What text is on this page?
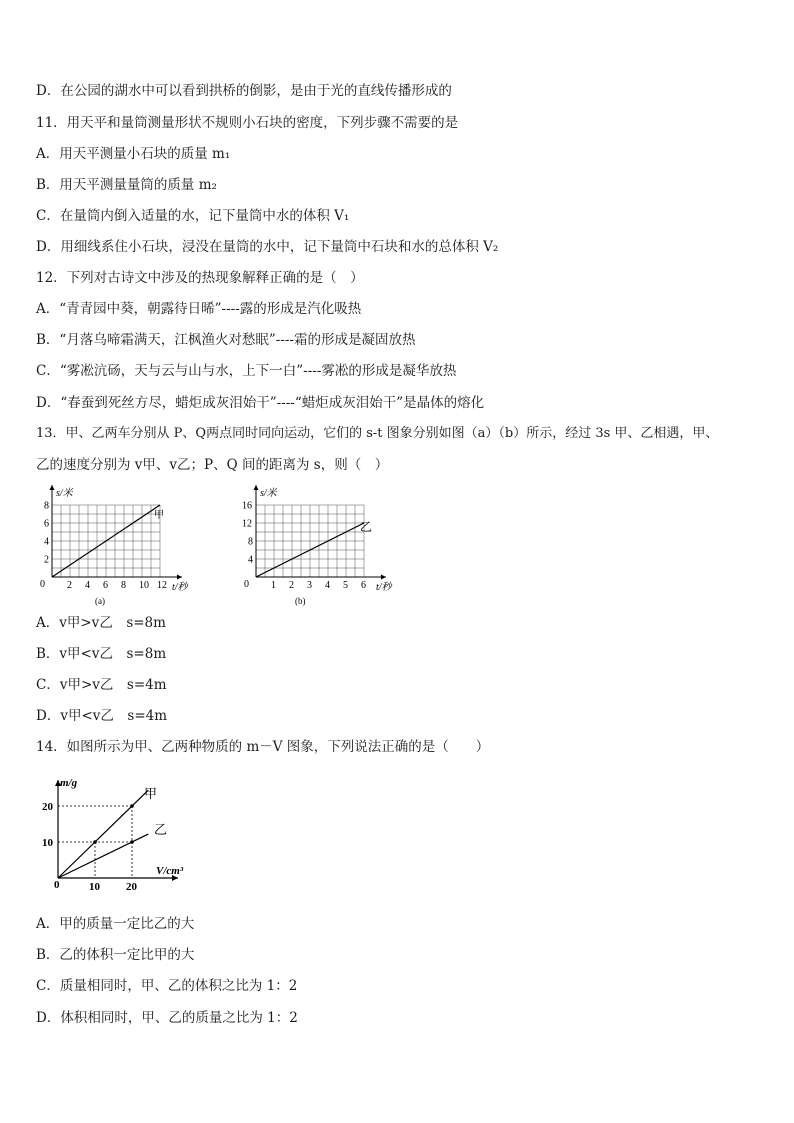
D．在公园的湖水中可以看到拱桥的倒影，是由于光的直线传播形成的
11．用天平和量筒测量形状不规则小石块的密度，下列步骤不需要的是
A．用天平测量小石块的质量 m₁
B．用天平测量量筒的质量 m₂
C．在量筒内倒入适量的水，记下量筒中水的体积 V₁
D．用细线系住小石块，浸没在量筒的水中，记下量筒中石块和水的总体积 V₂
12．下列对古诗文中涉及的热现象解释正确的是（　）
A．“青青园中葵，朝露待日晞”----露的形成是汽化吸热
B．“月落乌啼霜满天，江枫渔火对愁眠”----霜的形成是凝固放热
C．“雾凇沆砀，天与云与山与水，上下一白”----雾凇的形成是凝华放热
D．“春蚕到死丝方尽，蜡炬成灰泪始干”----“蜡炬成灰泪始干”是晶体的熔化
13．甲、乙两车分别从 P、Q两点同时同向运动，它们的 s-t 图象分别如图（a）（b）所示，经过 3s 甲、乙相遇，甲、
乙的速度分别为 v甲、v乙；P、Q 间的距离为 s，则（　）
2 4 6 8 10 12
2
4
6
8
s/米
t/秒
(a)
甲
0	1 2 3 4 5 6
4
8
12
16
s/米
t/秒
(b)
乙
0
A．v甲>v乙　s=8m
B．v甲<v乙　s=8m
C．v甲>v乙　s=4m
D．v甲<v乙　s=4m
14．如图所示为甲、乙两种物质的 m－V 图象，下列说法正确的是（　　）
10 20
10
20
m/g
V/cm³
甲
乙
0
A．甲的质量一定比乙的大
B．乙的体积一定比甲的大
C．质量相同时，甲、乙的体积之比为 1：2
D．体积相同时，甲、乙的质量之比为 1：2
